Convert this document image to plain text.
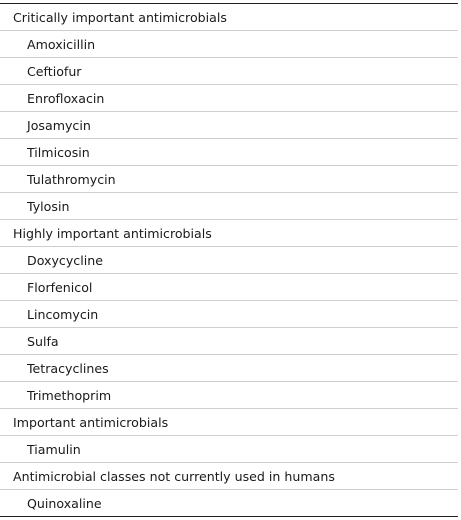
Critically important antimicrobials
Amoxicillin
Ceftiofur
Enrofloxacin
Josamycin
Tilmicosin
Tulathromycin
Tylosin
Highly important antimicrobials
Doxycycline
Florfenicol
Lincomycin
Sulfa
Tetracyclines
Trimethoprim
Important antimicrobials
Tiamulin
Antimicrobial classes not currently used in humans
Quinoxaline
